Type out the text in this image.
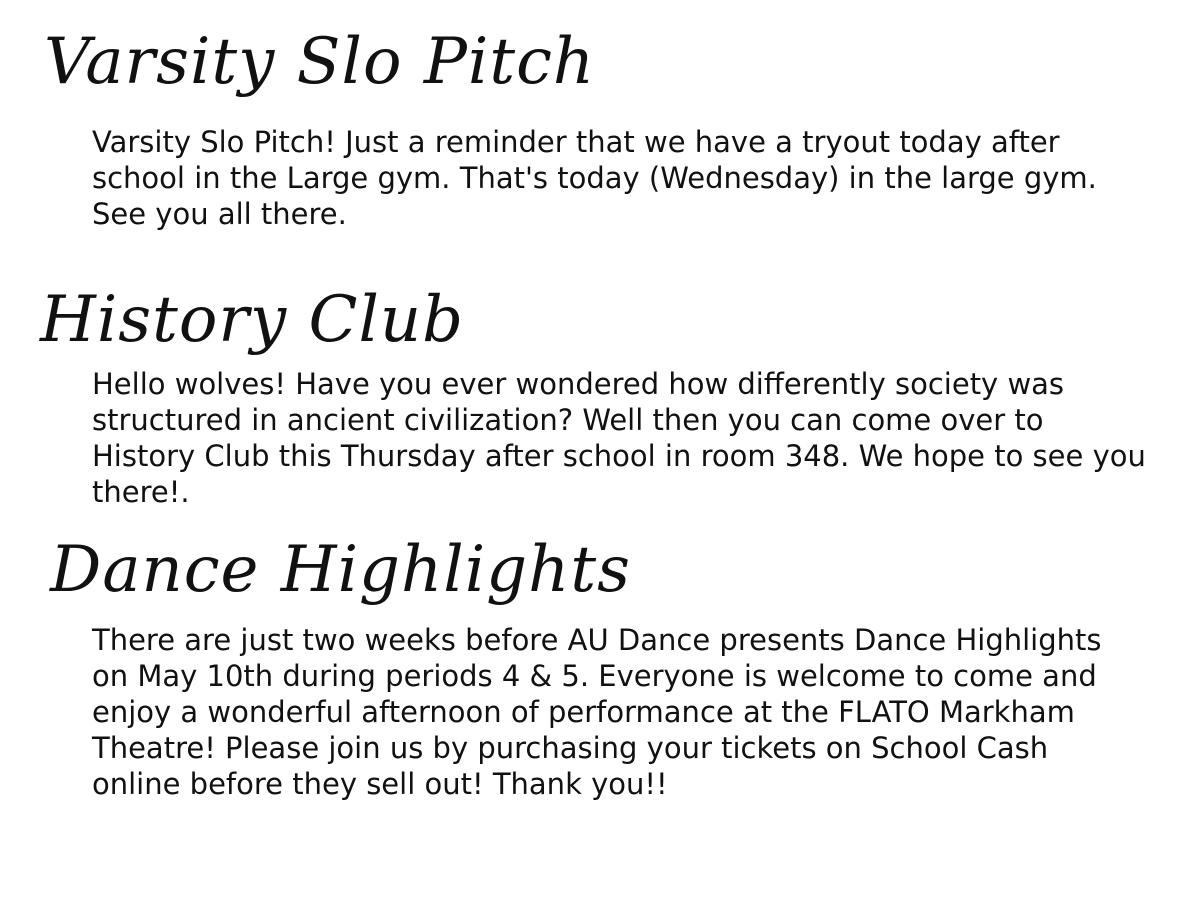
Varsity Slo Pitch

Varsity Slo Pitch! Just a reminder that we have a tryout today after school in the Large gym. That's today (Wednesday) in the large gym. See you all there.

History Club

Hello wolves! Have you ever wondered how differently society was structured in ancient civilization? Well then you can come over to History Club this Thursday after school in room 348. We hope to see you there!.

Dance Highlights

There are just two weeks before AU Dance presents Dance Highlights on May 10th during periods 4 & 5. Everyone is welcome to come and enjoy a wonderful afternoon of performance at the FLATO Markham Theatre! Please join us by purchasing your tickets on School Cash online before they sell out! Thank you!!
